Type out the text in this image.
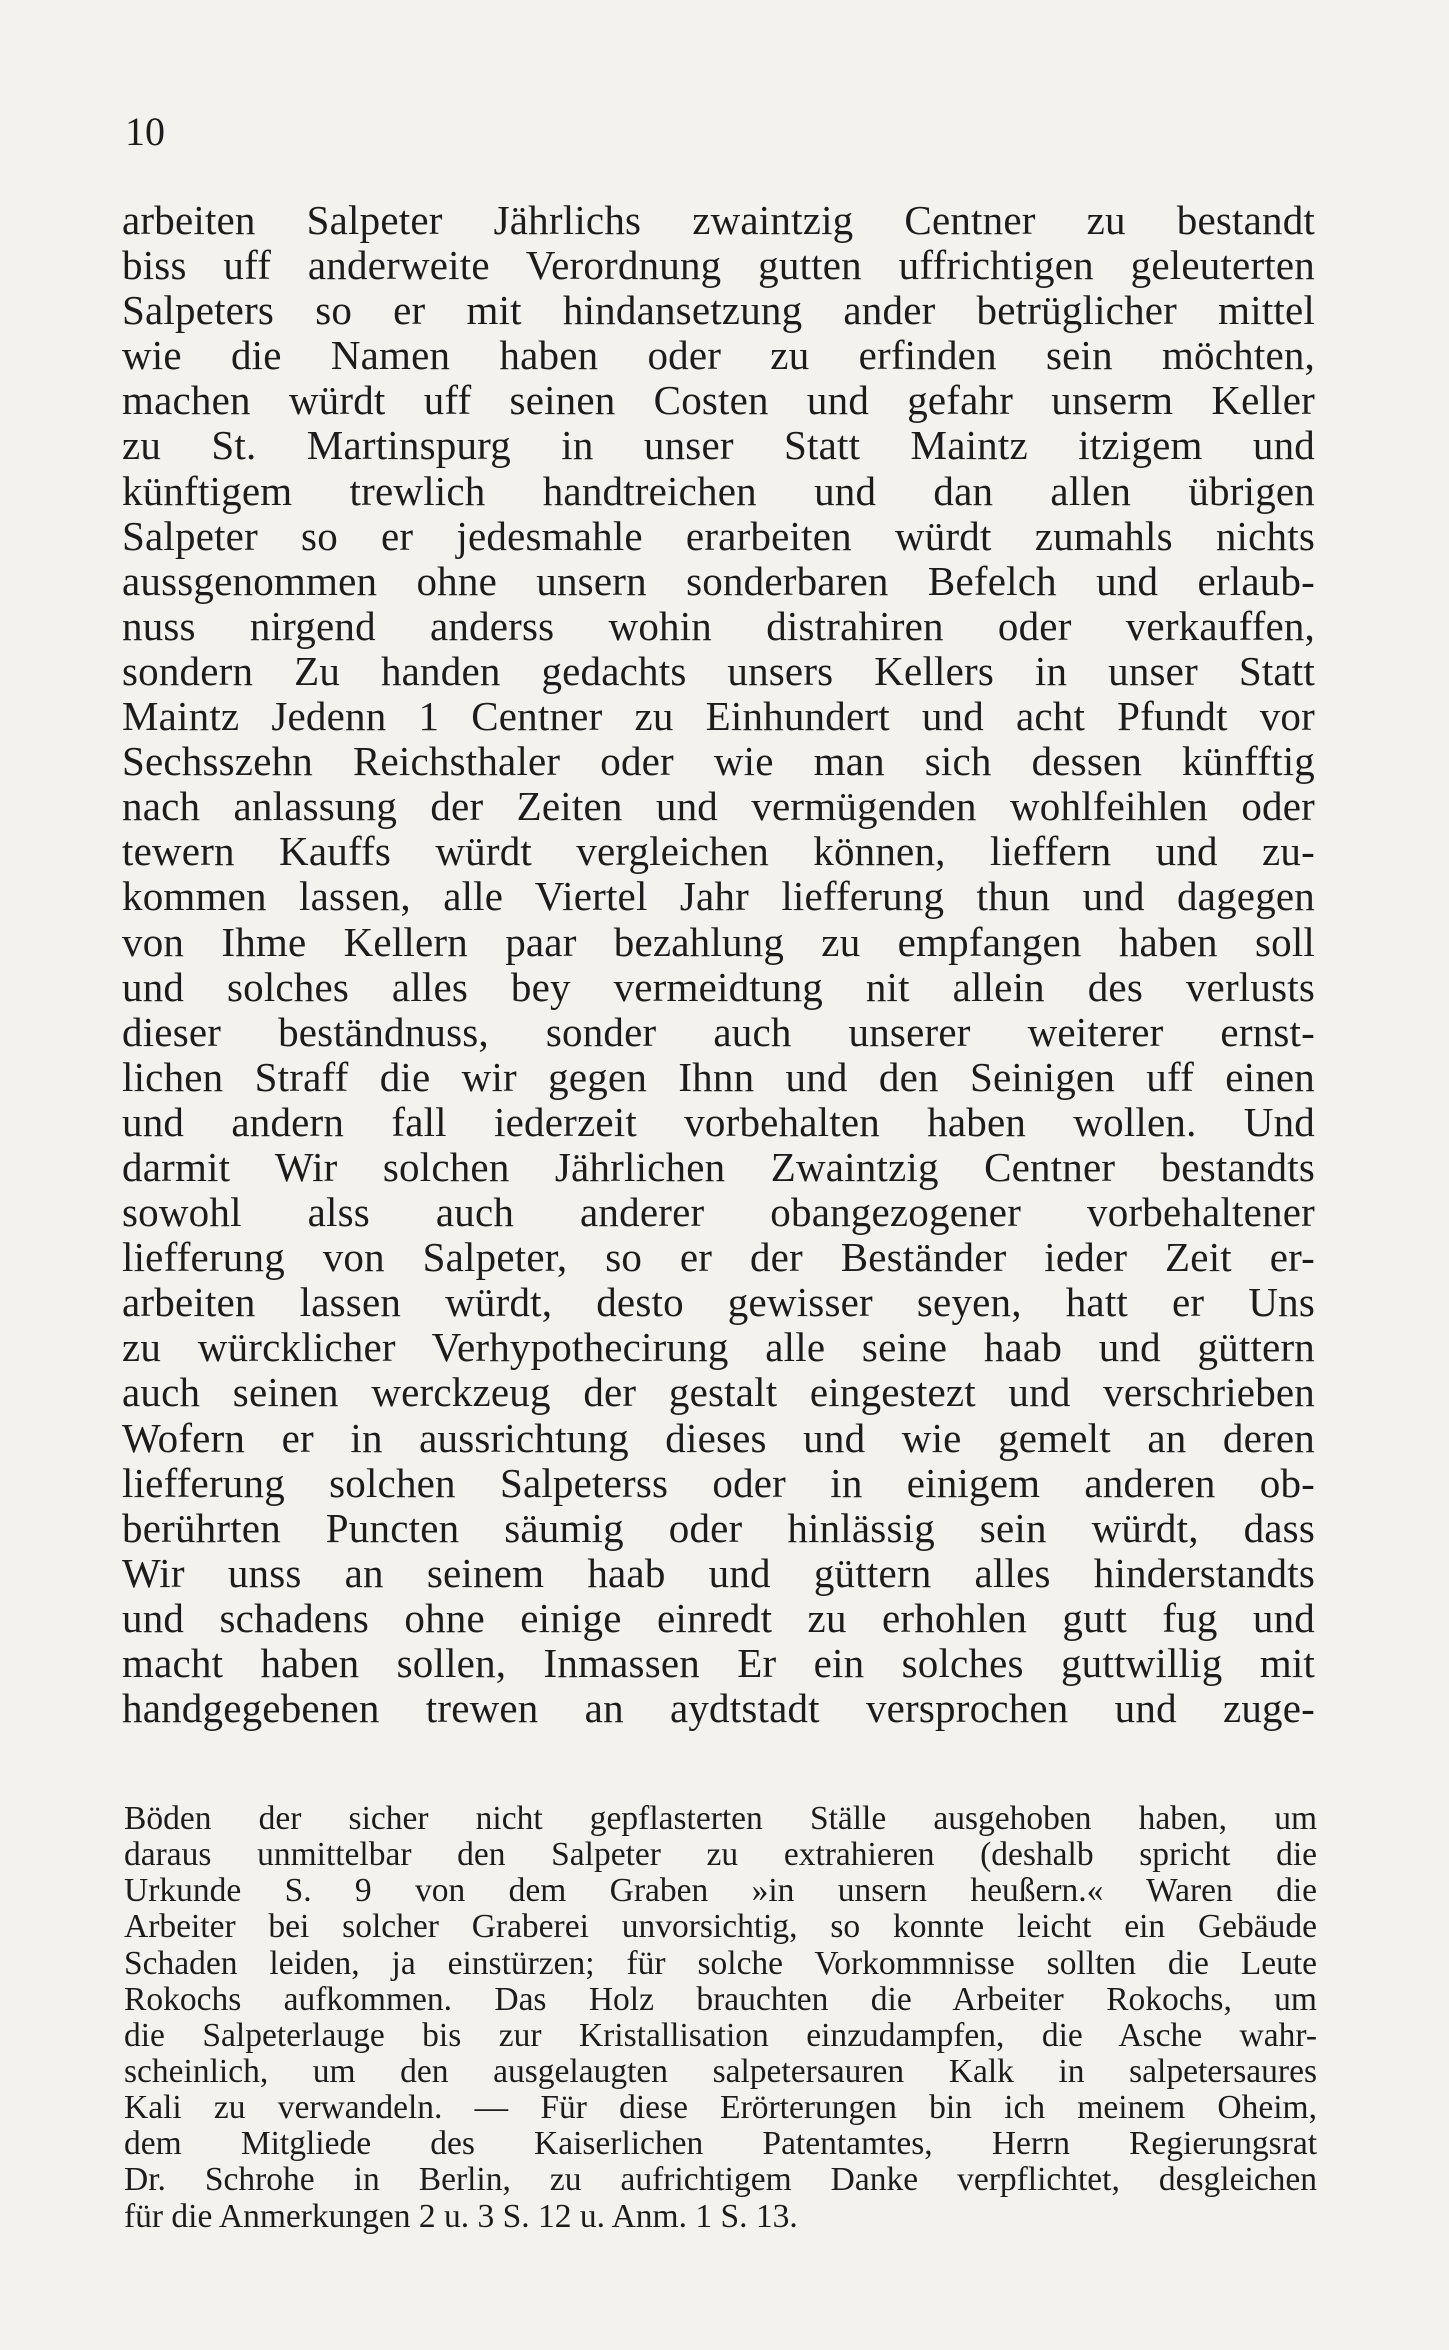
10

arbeiten Salpeter Jährlichs zwaintzig Centner zu bestandt
biss uff anderweite Verordnung gutten uffrichtigen geleuterten
Salpeters so er mit hindansetzung ander betrüglicher mittel
wie die Namen haben oder zu erfinden sein möchten,
machen würdt uff seinen Costen und gefahr unserm Keller
zu St. Martinspurg in unser Statt Maintz itzigem und
künftigem trewlich handtreichen und dan allen übrigen
Salpeter so er jedesmahle erarbeiten würdt zumahls nichts
aussgenommen ohne unsern sonderbaren Befelch und erlaub-
nuss nirgend anderss wohin distrahiren oder verkauffen,
sondern Zu handen gedachts unsers Kellers in unser Statt
Maintz Jedenn 1 Centner zu Einhundert und acht Pfundt vor
Sechsszehn Reichsthaler oder wie man sich dessen künfftig
nach anlassung der Zeiten und vermügenden wohlfeihlen oder
tewern Kauffs würdt vergleichen können, lieffern und zu-
kommen lassen, alle Viertel Jahr liefferung thun und dagegen
von Ihme Kellern paar bezahlung zu empfangen haben soll
und solches alles bey vermeidtung nit allein des verlusts
dieser beständnuss, sonder auch unserer weiterer ernst-
lichen Straff die wir gegen Ihnn und den Seinigen uff einen
und andern fall iederzeit vorbehalten haben wollen. Und
darmit Wir solchen Jährlichen Zwaintzig Centner bestandts
sowohl alss auch anderer obangezogener vorbehaltener
liefferung von Salpeter, so er der Beständer ieder Zeit er-
arbeiten lassen würdt, desto gewisser seyen, hatt er Uns
zu würcklicher Verhypothecirung alle seine haab und güttern
auch seinen werckzeug der gestalt eingestezt und verschrieben
Wofern er in aussrichtung dieses und wie gemelt an deren
liefferung solchen Salpeterss oder in einigem anderen ob-
berührten Puncten säumig oder hinlässig sein würdt, dass
Wir unss an seinem haab und güttern alles hinderstandts
und schadens ohne einige einredt zu erhohlen gutt fug und
macht haben sollen, Inmassen Er ein solches guttwillig mit
handgegebenen trewen an aydtstadt versprochen und zuge-
Böden der sicher nicht gepflasterten Ställe ausgehoben haben, um
daraus unmittelbar den Salpeter zu extrahieren (deshalb spricht die
Urkunde S. 9 von dem Graben »in unsern heußern.« Waren die
Arbeiter bei solcher Graberei unvorsichtig, so konnte leicht ein Gebäude
Schaden leiden, ja einstürzen; für solche Vorkommnisse sollten die Leute
Rokochs aufkommen. Das Holz brauchten die Arbeiter Rokochs, um
die Salpeterlauge bis zur Kristallisation einzudampfen, die Asche wahr-
scheinlich, um den ausgelaugten salpetersauren Kalk in salpetersaures
Kali zu verwandeln. — Für diese Erörterungen bin ich meinem Oheim,
dem Mitgliede des Kaiserlichen Patentamtes, Herrn Regierungsrat
Dr. Schrohe in Berlin, zu aufrichtigem Danke verpflichtet, desgleichen
für die Anmerkungen 2 u. 3 S. 12 u. Anm. 1 S. 13.
